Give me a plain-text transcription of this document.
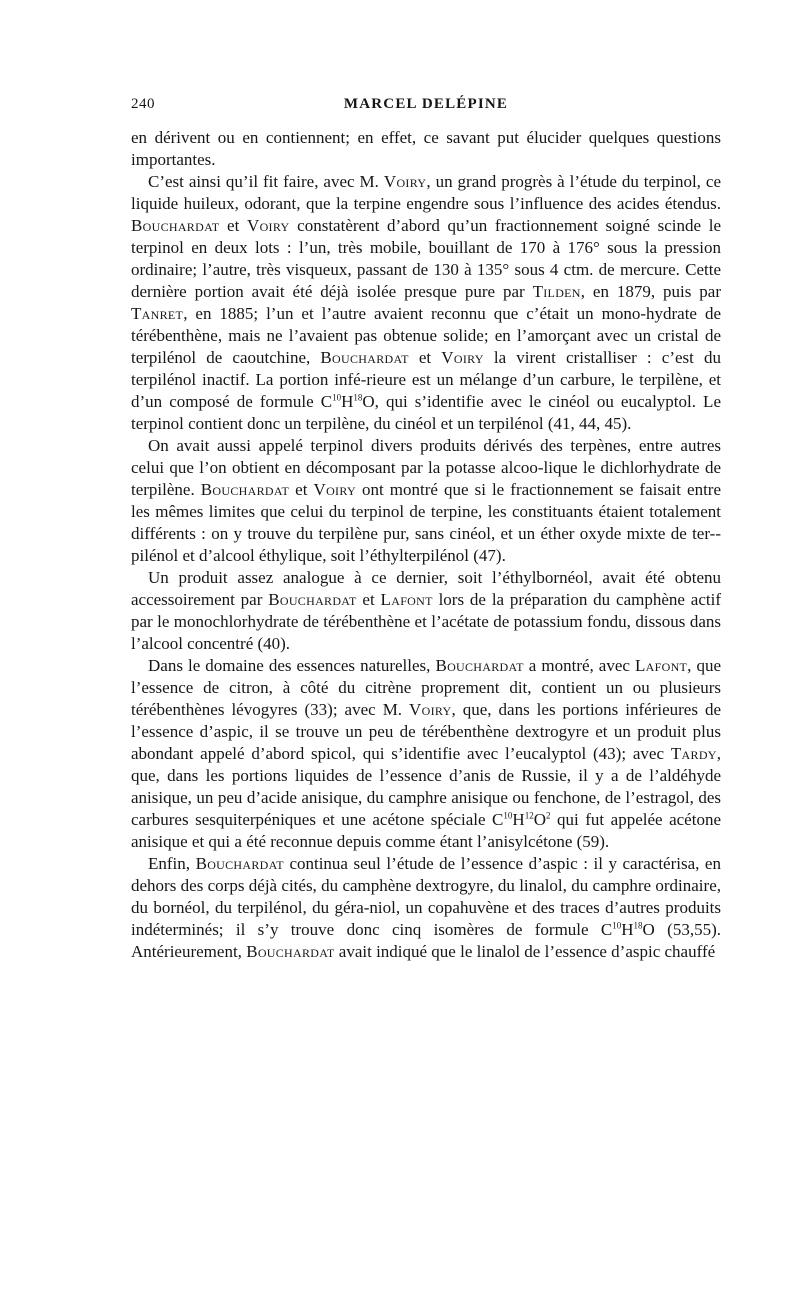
240	MARCEL DELÉPINE

en dérivent ou en contiennent; en effet, ce savant put élucider quelques questions importantes.

C’est ainsi qu’il fit faire, avec M. Voiry, un grand progrès à l’étude du terpinol, ce liquide huileux, odorant, que la terpine engendre sous l’influence des acides étendus. Bouchardat et Voiry constatèrent d’abord qu’un fractionnement soigné scinde le terpinol en deux lots : l’un, très mobile, bouillant de 170 à 176° sous la pression ordinaire; l’autre, très visqueux, passant de 130 à 135° sous 4 ctm. de mercure. Cette dernière portion avait été déjà isolée presque pure par Tilden, en 1879, puis par Tanret, en 1885; l’un et l’autre avaient reconnu que c’était un mono-hydrate de térébenthène, mais ne l’avaient pas obtenue solide; en l’amorçant avec un cristal de terpilénol de caoutchine, Bouchardat et Voiry la virent cristalliser : c’est du terpilénol inactif. La portion infé-rieure est un mélange d’un carbure, le terpilène, et d’un composé de formule $C^{10}H^{18}O$, qui s’identifie avec le cinéol ou eucalyptol. Le terpinol contient donc un terpilène, du cinéol et un terpilénol (41, 44, 45).

On avait aussi appelé terpinol divers produits dérivés des terpènes, entre autres celui que l’on obtient en décomposant par la potasse alcoo-lique le dichlorhydrate de terpilène. Bouchardat et Voiry ont montré que si le fractionnement se faisait entre les mêmes limites que celui du terpinol de terpine, les constituants étaient totalement différents : on y trouve du terpilène pur, sans cinéol, et un éther oxyde mixte de ter-pilénol et d’alcool éthylique, soit l’éthylterpilénol (47).

Un produit assez analogue à ce dernier, soit l’éthylbornéol, avait été obtenu accessoirement par Bouchardat et Lafont lors de la préparation du camphène actif par le monochlorhydrate de térébenthène et l’acétate de potassium fondu, dissous dans l’alcool concentré (40).

Dans le domaine des essences naturelles, Bouchardat a montré, avec Lafont, que l’essence de citron, à côté du citrène proprement dit, contient un ou plusieurs térébenthènes lévogyres (33); avec M. Voiry, que, dans les portions inférieures de l’essence d’aspic, il se trouve un peu de térébenthène dextrogyre et un produit plus abondant appelé d’abord spicol, qui s’identifie avec l’eucalyptol (43); avec Tardy, que, dans les portions liquides de l’essence d’anis de Russie, il y a de l’aldéhyde anisique, un peu d’acide anisique, du camphre anisique ou fenchone, de l’estragol, des carbures sesquiterpéniques et une acétone spéciale $C^{10}H^{12}O^2$ qui fut appelée acétone anisique et qui a été reconnue depuis comme étant l’anisylcétone (59).

Enfin, Bouchardat continua seul l’étude de l’essence d’aspic : il y caractérisa, en dehors des corps déjà cités, du camphène dextrogyre, du linalol, du camphre ordinaire, du bornéol, du terpilénol, du géra-niol, un copahuvène et des traces d’autres produits indéterminés; il s’y trouve donc cinq isomères de formule $C^{10}H^{18}O$ (53,55). Antérieurement, Bouchardat avait indiqué que le linalol de l’essence d’aspic chauffé
